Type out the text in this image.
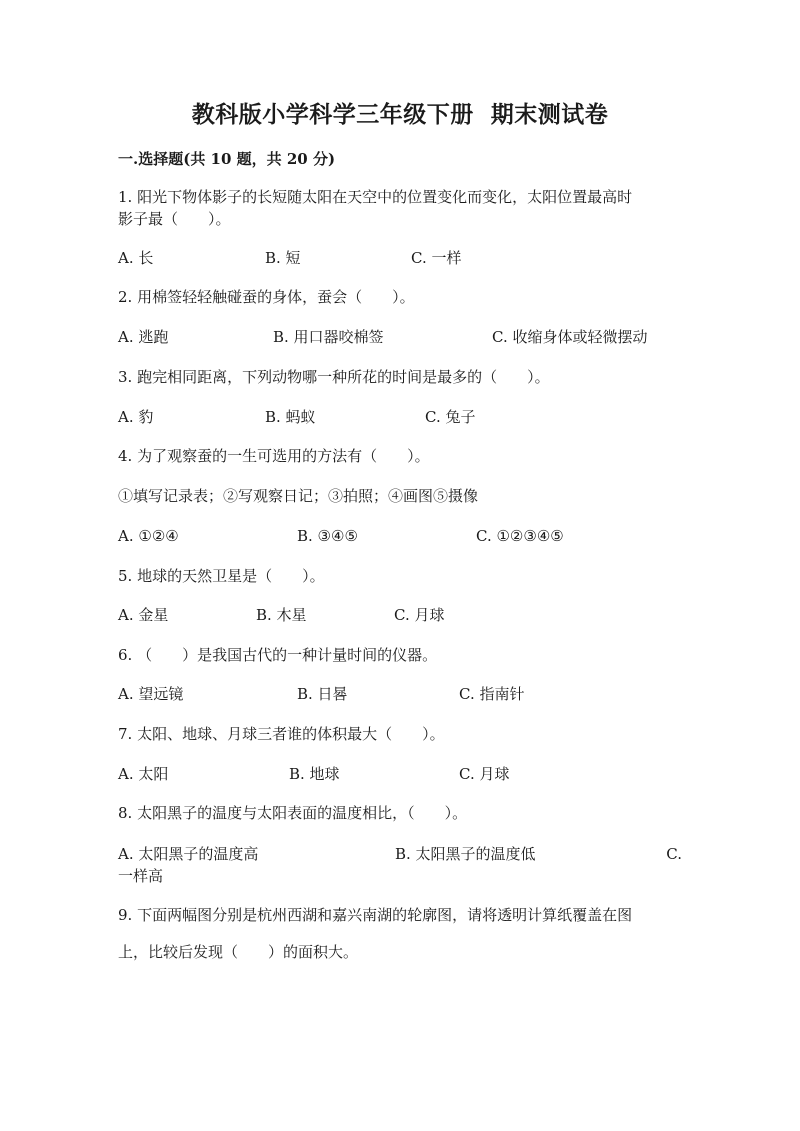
教科版小学科学三年级下册  期末测试卷
一.选择题(共 10 题，共 20 分)
1. 阳光下物体影子的长短随太阳在天空中的位置变化而变化，太阳位置最高时
影子最（　　）。
A. 长	B. 短	C. 一样
2. 用棉签轻轻触碰蚕的身体，蚕会（　　）。
A. 逃跑	B. 用口器咬棉签	C. 收缩身体或轻微摆动
3. 跑完相同距离，下列动物哪一种所花的时间是最多的（　　）。
A. 豹	B. 蚂蚁	C. 兔子
4. 为了观察蚕的一生可选用的方法有（　　）。
①填写记录表；②写观察日记；③拍照；④画图⑤摄像
A. ①②④	B. ③④⑤	C. ①②③④⑤
5. 地球的天然卫星是（　　）。
A. 金星	B. 木星	C. 月球
6. （　　）是我国古代的一种计量时间的仪器。
A. 望远镜	B. 日晷	C. 指南针
7. 太阳、地球、月球三者谁的体积最大（　　）。
A. 太阳	B. 地球	C. 月球
8. 太阳黑子的温度与太阳表面的温度相比，（　　）。
A. 太阳黑子的温度高	B. 太阳黑子的温度低	C.
一样高
9. 下面两幅图分别是杭州西湖和嘉兴南湖的轮廓图，请将透明计算纸覆盖在图
上，比较后发现（　　）的面积大。
